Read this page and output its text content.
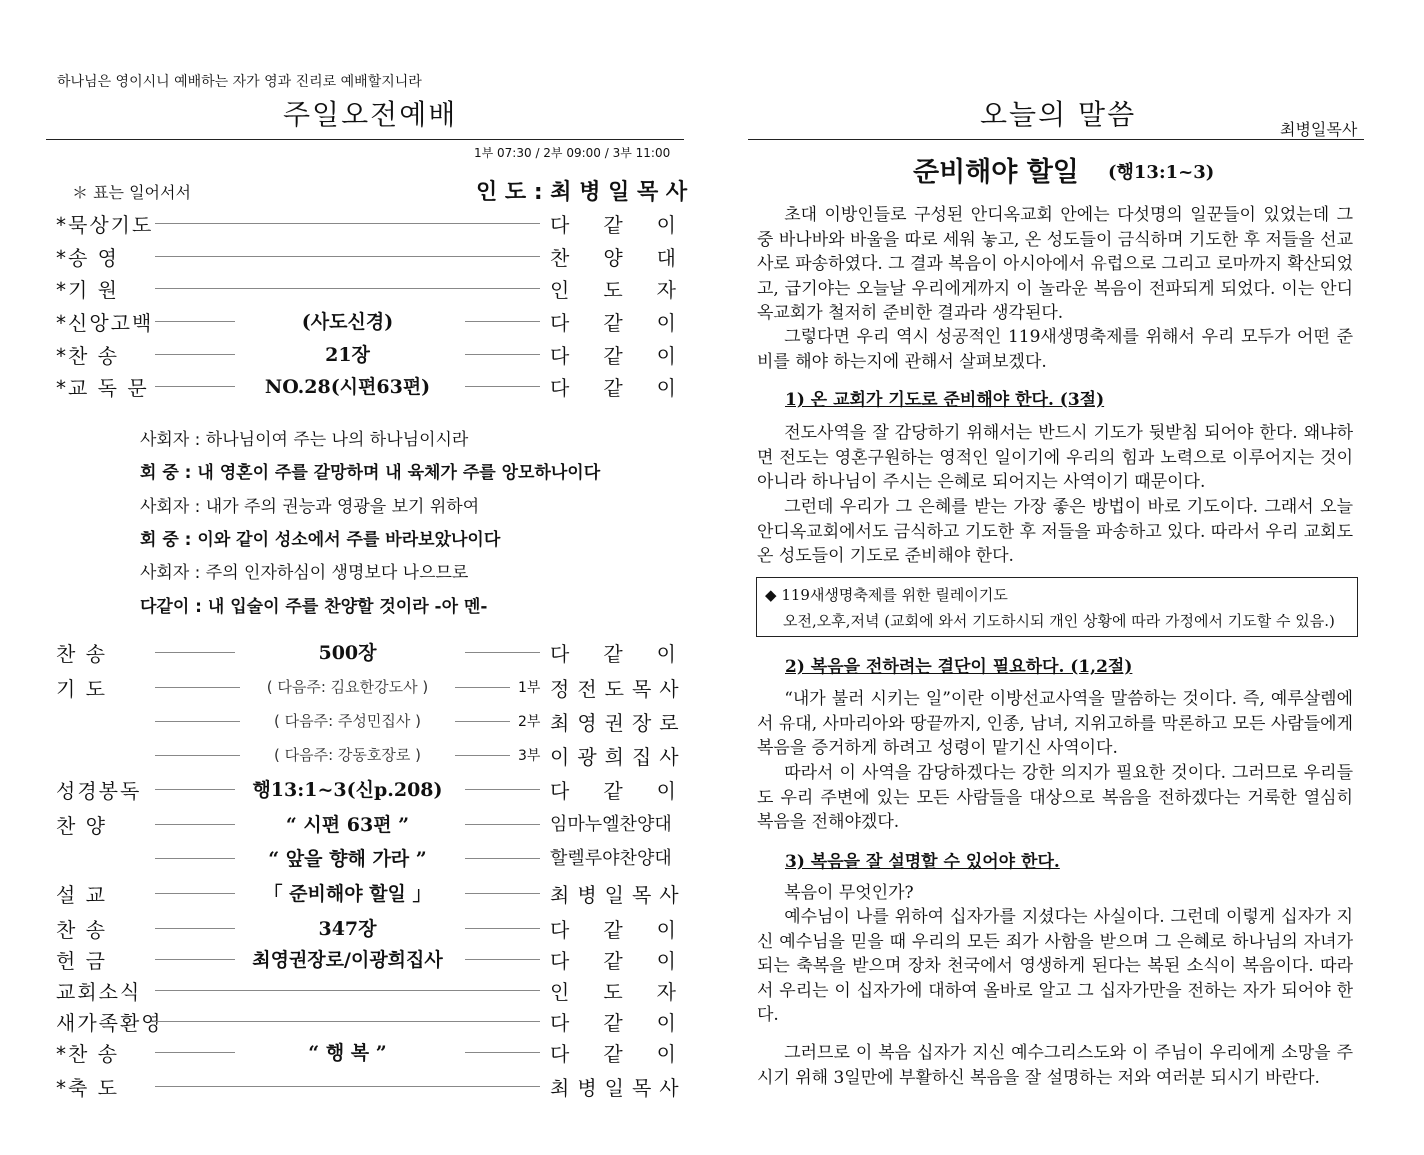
하나님은 영이시니 예배하는 자가 영과 진리로 예배할지니라
주일오전예배
1부 07:30 / 2부 09:00 / 3부 11:00
＊ 표는 일어서서	인 도 : 최 병 일 목 사
*묵상기도	다같이
*송 영	찬양대
*기 원	인도자
*신앙고백	(사도신경)	다같이
*찬 송	21장	다같이
*교 독 문	NO.28(시편63편)	다같이
사회자 : 하나님이여 주는 나의 하나님이시라
회 중 : 내 영혼이 주를 갈망하며 내 육체가 주를 앙모하나이다
사회자 : 내가 주의 권능과 영광을 보기 위하여
회 중 : 이와 같이 성소에서 주를 바라보았나이다
사회자 : 주의 인자하심이 생명보다 나으므로
다같이 : 내 입술이 주를 찬양할 것이라 -아 멘-
찬 송	500장	다같이
기 도	( 다음주: 김요한강도사 )	1부 정전도목사
( 다음주: 주성민집사 )	2부 최영권장로
( 다음주: 강동호장로 )	3부 이광희집사
성경봉독	행13:1~3(신p.208)	다같이
찬 양	“ 시편 63편 ”	임마누엘찬양대
“ 앞을 향해 가라 ”	할렐루야찬양대
설 교	「 준비해야 할일 」	최병일목사
찬 송	347장	다같이
헌 금	최영권장로/이광희집사	다같이
교회소식	인도자
새가족환영	다같이
*찬 송	“ 행 복 ”	다같이
*축 도	최병일목사
오늘의 말씀	최병일목사
준비해야 할일 (행13:1~3)
초대 이방인들로 구성된 안디옥교회 안에는 다섯명의 일꾼들이 있었는데 그 중 바나바와 바울을 따로 세워 놓고, 온 성도들이 금식하며 기도한 후 저들을 선교사로 파송하였다. 그 결과 복음이 아시아에서 유럽으로 그리고 로마까지 확산되었고, 급기야는 오늘날 우리에게까지 이 놀라운 복음이 전파되게 되었다. 이는 안디옥교회가 철저히 준비한 결과라 생각된다.
그렇다면 우리 역시 성공적인 119새생명축제를 위해서 우리 모두가 어떤 준비를 해야 하는지에 관해서 살펴보겠다.
1) 온 교회가 기도로 준비해야 한다. (3절)
전도사역을 잘 감당하기 위해서는 반드시 기도가 뒷받침 되어야 한다. 왜냐하면 전도는 영혼구원하는 영적인 일이기에 우리의 힘과 노력으로 이루어지는 것이 아니라 하나님이 주시는 은혜로 되어지는 사역이기 때문이다.
그런데 우리가 그 은혜를 받는 가장 좋은 방법이 바로 기도이다. 그래서 오늘 안디옥교회에서도 금식하고 기도한 후 저들을 파송하고 있다. 따라서 우리 교회도 온 성도들이 기도로 준비해야 한다.
◆ 119새생명축제를 위한 릴레이기도
오전,오후,저녁 (교회에 와서 기도하시되 개인 상황에 따라 가정에서 기도할 수 있음.)
2) 복음을 전하려는 결단이 필요하다. (1,2절)
“내가 불러 시키는 일”이란 이방선교사역을 말씀하는 것이다. 즉, 예루살렘에서 유대, 사마리아와 땅끝까지, 인종, 남녀, 지위고하를 막론하고 모든 사람들에게 복음을 증거하게 하려고 성령이 맡기신 사역이다.
따라서 이 사역을 감당하겠다는 강한 의지가 필요한 것이다. 그러므로 우리들도 우리 주변에 있는 모든 사람들을 대상으로 복음을 전하겠다는 거룩한 열심히 복음을 전해야겠다.
3) 복음을 잘 설명할 수 있어야 한다.
복음이 무엇인가?
예수님이 나를 위하여 십자가를 지셨다는 사실이다. 그런데 이렇게 십자가 지신 예수님을 믿을 때 우리의 모든 죄가 사함을 받으며 그 은혜로 하나님의 자녀가 되는 축복을 받으며 장차 천국에서 영생하게 된다는 복된 소식이 복음이다. 따라서 우리는 이 십자가에 대하여 올바로 알고 그 십자가만을 전하는 자가 되어야 한다.
그러므로 이 복음 십자가 지신 예수그리스도와 이 주님이 우리에게 소망을 주시기 위해 3일만에 부활하신 복음을 잘 설명하는 저와 여러분 되시기 바란다.
